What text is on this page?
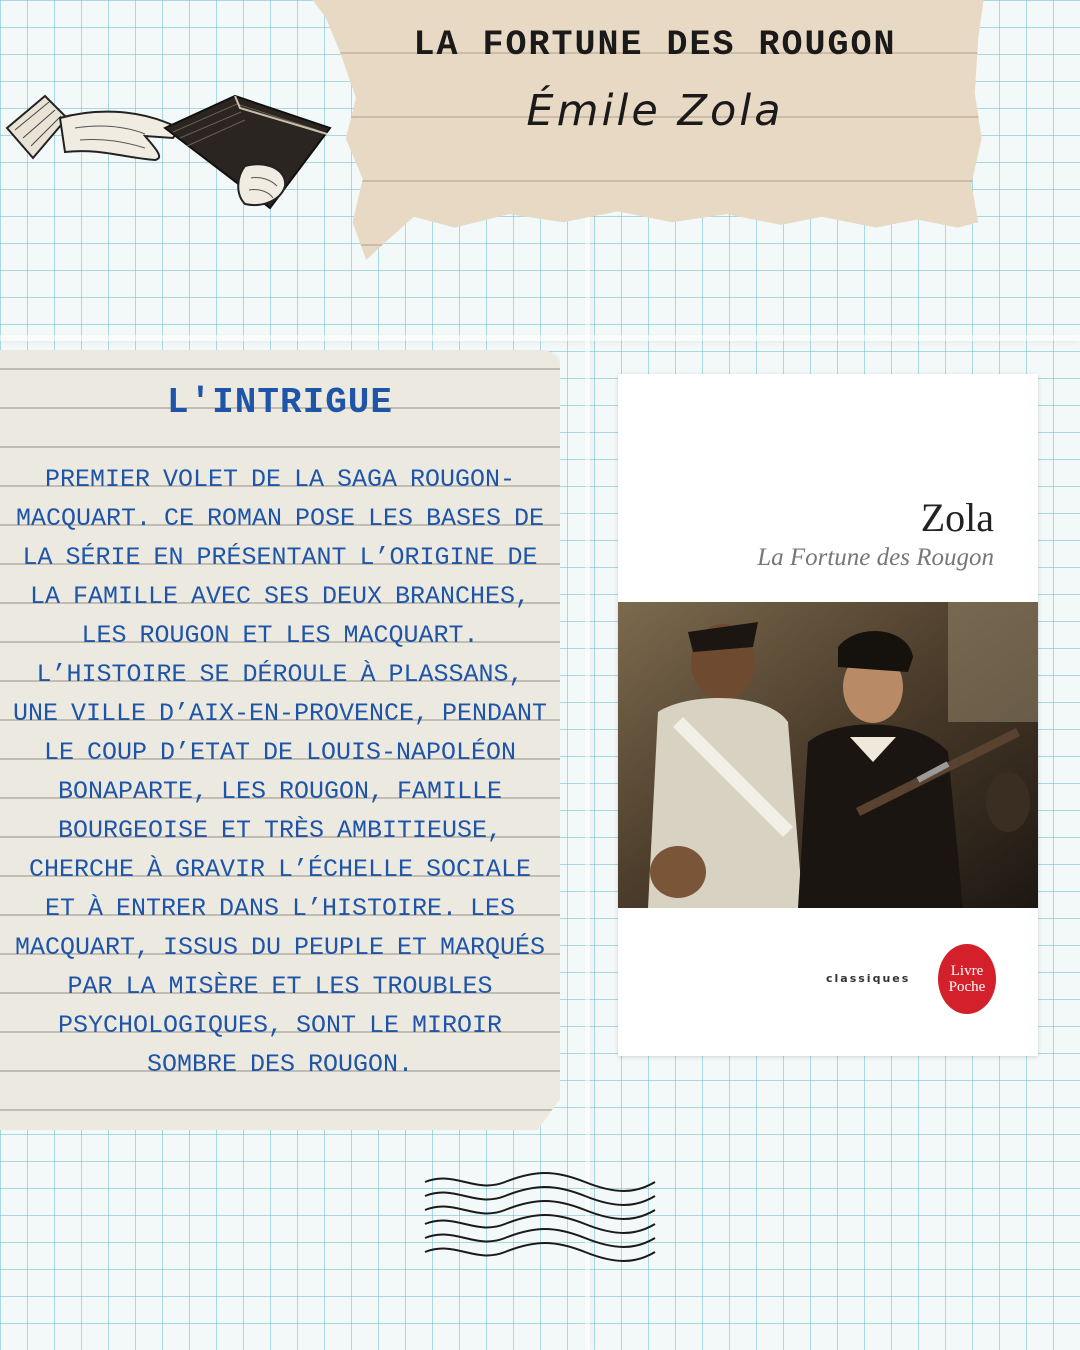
LA FORTUNE DES ROUGON

Émile Zola

L'INTRIGUE

PREMIER VOLET DE LA SAGA ROUGON-MACQUART. CE ROMAN POSE LES BASES DE LA SÉRIE EN PRÉSENTANT L’ORIGINE DE LA FAMILLE AVEC SES DEUX BRANCHES, LES ROUGON ET LES MACQUART. L’HISTOIRE SE DÉROULE À PLASSANS, UNE VILLE D’AIX-EN-PROVENCE, PENDANT LE COUP D’ETAT DE LOUIS-NAPOLÉON BONAPARTE, LES ROUGON, FAMILLE BOURGEOISE ET TRÈS AMBITIEUSE, CHERCHE À GRAVIR L’ÉCHELLE SOCIALE ET À ENTRER DANS L’HISTOIRE. LES MACQUART, ISSUS DU PEUPLE ET MARQUÉS PAR LA MISÈRE ET LES TROUBLES PSYCHOLOGIQUES, SONT LE MIROIR SOMBRE DES ROUGON.

Zola

La Fortune des Rougon

classiques	Livre
Poche
